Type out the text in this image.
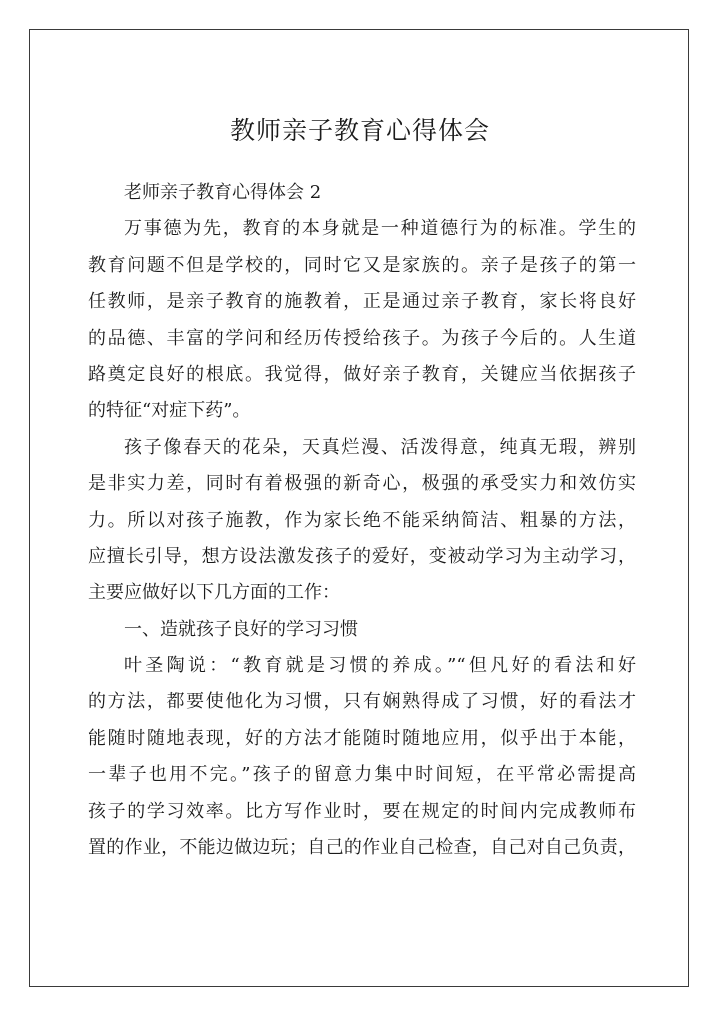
教师亲子教育心得体会
老师亲子教育心得体会 2
万事德为先，教育的本身就是一种道德行为的标准。学生的
教育问题不但是学校的，同时它又是家族的。亲子是孩子的第一
任教师，是亲子教育的施教着，正是通过亲子教育，家长将良好
的品德、丰富的学问和经历传授给孩子。为孩子今后的。人生道
路奠定良好的根底。我觉得，做好亲子教育，关键应当依据孩子
的特征“对症下药”。
孩子像春天的花朵，天真烂漫、活泼得意，纯真无瑕，辨别
是非实力差，同时有着极强的新奇心，极强的承受实力和效仿实
力。所以对孩子施教，作为家长绝不能采纳简洁、粗暴的方法，
应擅长引导，想方设法激发孩子的爱好，变被动学习为主动学习，
主要应做好以下几方面的工作：
一、造就孩子良好的学习习惯
叶圣陶说：“教育就是习惯的养成。”“但凡好的看法和好
的方法，都要使他化为习惯，只有娴熟得成了习惯，好的看法才
能随时随地表现，好的方法才能随时随地应用，似乎出于本能，
一辈子也用不完。”孩子的留意力集中时间短，在平常必需提高
孩子的学习效率。比方写作业时，要在规定的时间内完成教师布
置的作业，不能边做边玩；自己的作业自己检查，自己对自己负责，
